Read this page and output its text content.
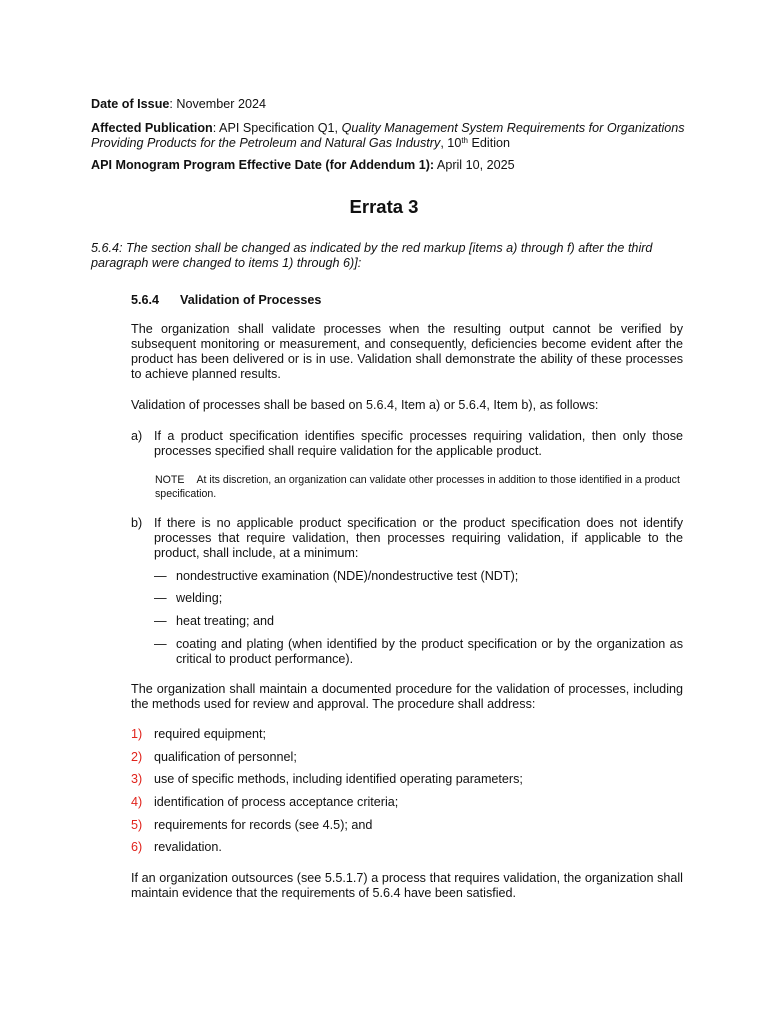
Date of Issue: November 2024
Affected Publication: API Specification Q1, Quality Management System Requirements for Organizations Providing Products for the Petroleum and Natural Gas Industry, 10th Edition
API Monogram Program Effective Date (for Addendum 1): April 10, 2025
Errata 3
5.6.4: The section shall be changed as indicated by the red markup [items a) through f) after the third paragraph were changed to items 1) through 6)]:
5.6.4 Validation of Processes
The organization shall validate processes when the resulting output cannot be verified by subsequent monitoring or measurement, and consequently, deficiencies become evident after the product has been delivered or is in use. Validation shall demonstrate the ability of these processes to achieve planned results.
Validation of processes shall be based on 5.6.4, Item a) or 5.6.4, Item b), as follows:
a) If a product specification identifies specific processes requiring validation, then only those processes specified shall require validation for the applicable product.
NOTE At its discretion, an organization can validate other processes in addition to those identified in a product specification.
b) If there is no applicable product specification or the product specification does not identify processes that require validation, then processes requiring validation, if applicable to the product, shall include, at a minimum:
— nondestructive examination (NDE)/nondestructive test (NDT);
— welding;
— heat treating; and
— coating and plating (when identified by the product specification or by the organization as critical to product performance).
The organization shall maintain a documented procedure for the validation of processes, including the methods used for review and approval. The procedure shall address:
1) required equipment;
2) qualification of personnel;
3) use of specific methods, including identified operating parameters;
4) identification of process acceptance criteria;
5) requirements for records (see 4.5); and
6) revalidation.
If an organization outsources (see 5.5.1.7) a process that requires validation, the organization shall maintain evidence that the requirements of 5.6.4 have been satisfied.
